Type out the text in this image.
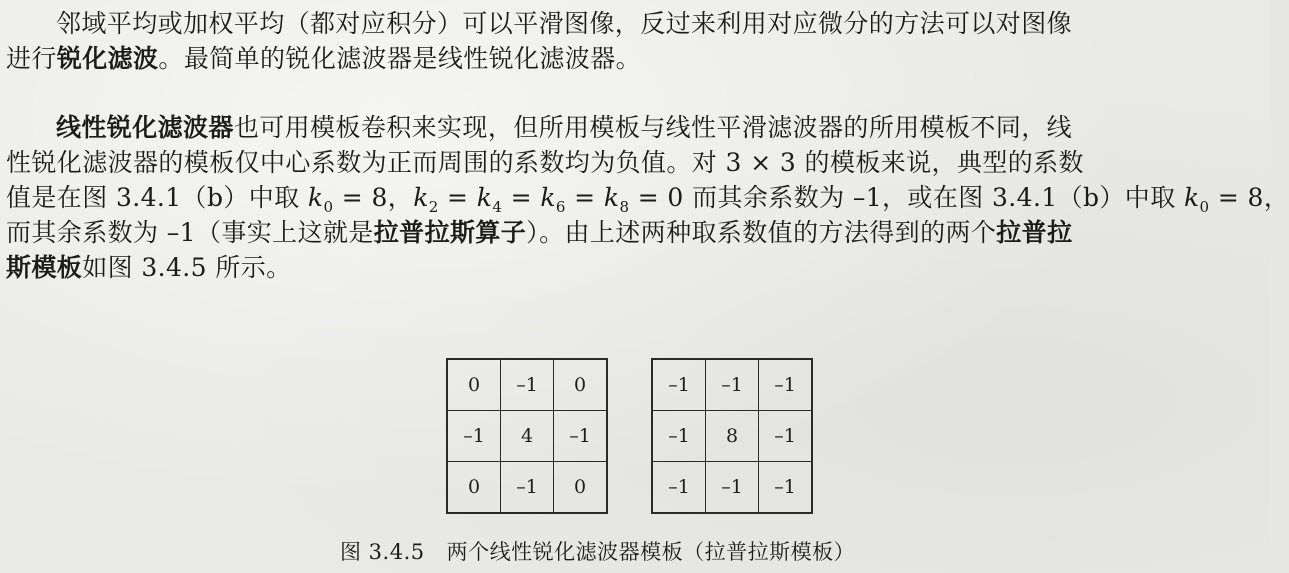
邻域平均或加权平均（都对应积分）可以平滑图像，反过来利用对应微分的方法可以对图像
进行锐化滤波。最简单的锐化滤波器是线性锐化滤波器。

线性锐化滤波器也可用模板卷积来实现，但所用模板与线性平滑滤波器的所用模板不同，线
性锐化滤波器的模板仅中心系数为正而周围的系数均为负值。对 3 × 3 的模板来说，典型的系数
值是在图 3.4.1（b）中取 $k_0 = 8$，$k_2 = k_4 = k_6 = k_8 = 0$ 而其余系数为 –1，或在图 3.4.1（b）中取 $k_0 = 8$，
而其余系数为 –1（事实上这就是拉普拉斯算子）。由上述两种取系数值的方法得到的两个拉普拉
斯模板如图 3.4.5 所示。

0	–1	0
–1	4	–1
0	–1	0
–1	–1	–1
–1	8	–1
–1	–1	–1
图 3.4.5 两个线性锐化滤波器模板（拉普拉斯模板）
